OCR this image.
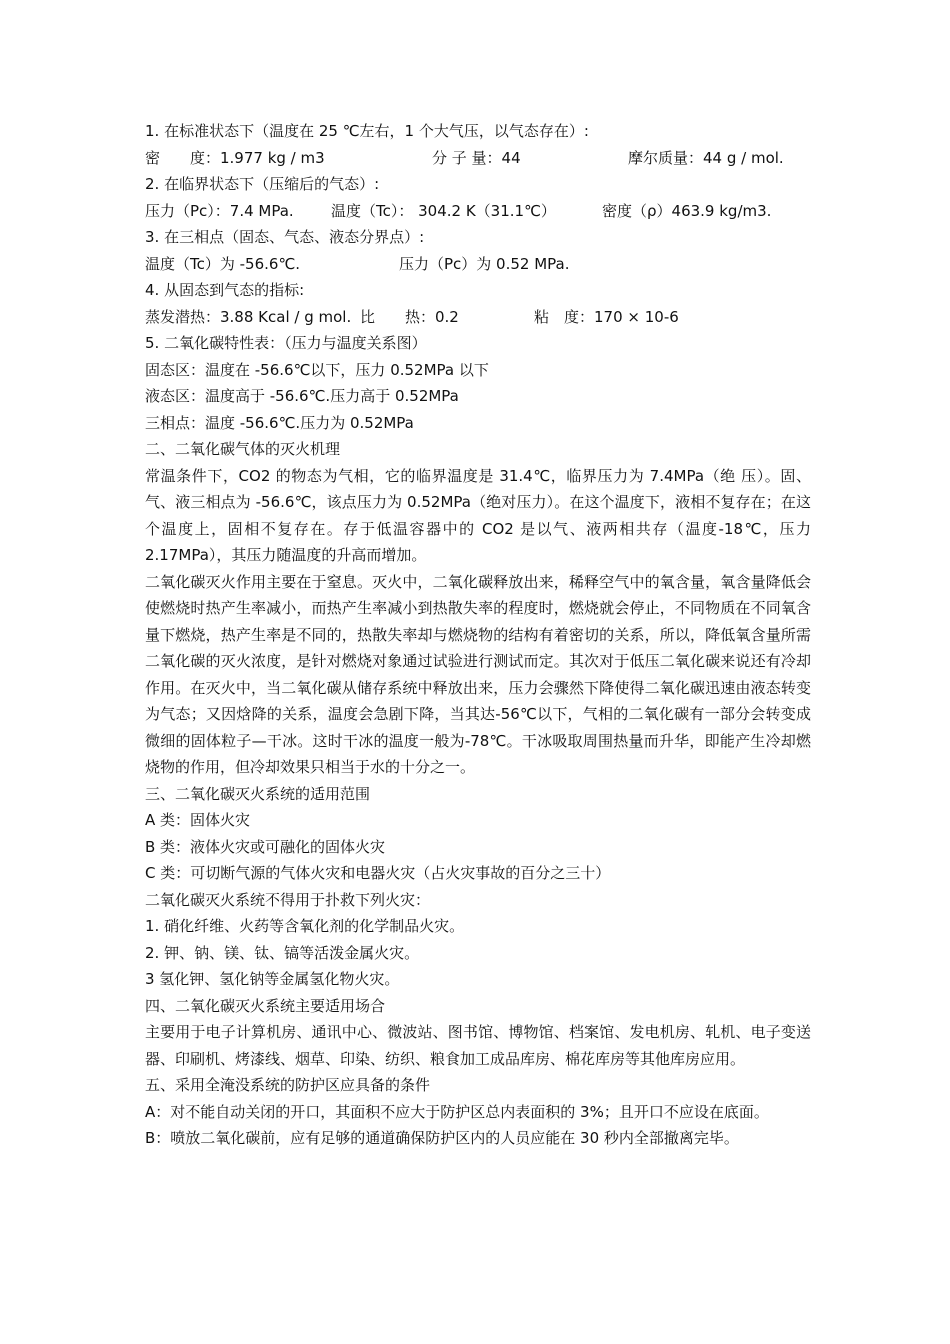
1. 在标准状态下（温度在 25 ℃左右，1 个大气压，以气态存在）:

密　　度：1.977 kg / m3	分 子 量：44	摩尔质量：44 g / mol.

2. 在临界状态下（压缩后的气态）:

压力（Pc）：7.4 MPa.	温度（Tc）： 304.2 K（31.1℃）	密度（ρ）463.9 kg/m3.

3. 在三相点（固态、气态、液态分界点）:

温度（Tc）为 -56.6℃.	压力（Pc）为 0.52 MPa.

4. 从固态到气态的指标:

蒸发潜热：3.88 Kcal / g mol. 比　　热：0.2	粘　度：170 × 10-6

5. 二氧化碳特性表：（压力与温度关系图）

固态区：温度在 -56.6℃以下，压力 0.52MPa 以下

液态区：温度高于 -56.6℃.压力高于 0.52MPa

三相点：温度 -56.6℃.压力为 0.52MPa

二、二氧化碳气体的灭火机理

常温条件下，CO2 的物态为气相，它的临界温度是 31.4℃，临界压力为 7.4MPa（绝 压）。固、气、液三相点为 -56.6℃，该点压力为 0.52MPa（绝对压力）。在这个温度下，液相不复存在；在这个温度上，固相不复存在。存于低温容器中的 CO2 是以气、液两相共存（温度-18℃，压力 2.17MPa），其压力随温度的升高而增加。

二氧化碳灭火作用主要在于窒息。灭火中，二氧化碳释放出来，稀释空气中的氧含量，氧含量降低会使燃烧时热产生率减小，而热产生率减小到热散失率的程度时，燃烧就会停止，不同物质在不同氧含量下燃烧，热产生率是不同的，热散失率却与燃烧物的结构有着密切的关系，所以，降低氧含量所需二氧化碳的灭火浓度，是针对燃烧对象通过试验进行测试而定。其次对于低压二氧化碳来说还有冷却作用。在灭火中，当二氧化碳从储存系统中释放出来，压力会骤然下降使得二氧化碳迅速由液态转变为气态；又因焓降的关系，温度会急剧下降，当其达-56℃以下，气相的二氧化碳有一部分会转变成微细的固体粒子—干冰。这时干冰的温度一般为-78℃。干冰吸取周围热量而升华，即能产生冷却燃烧物的作用，但冷却效果只相当于水的十分之一。

三、二氧化碳灭火系统的适用范围

A 类：固体火灾

B 类：液体火灾或可融化的固体火灾

C 类：可切断气源的气体火灾和电器火灾（占火灾事故的百分之三十）

二氧化碳灭火系统不得用于扑救下列火灾：

1. 硝化纤维、火药等含氧化剂的化学制品火灾。

2. 钾、钠、镁、钛、镐等活泼金属火灾。

3 氢化钾、氢化钠等金属氢化物火灾。

四、二氧化碳灭火系统主要适用场合

主要用于电子计算机房、通讯中心、微波站、图书馆、博物馆、档案馆、发电机房、轧机、电子变送器、印刷机、烤漆线、烟草、印染、纺织、粮食加工成品库房、棉花库房等其他库房应用。

五、采用全淹没系统的防护区应具备的条件

A：对不能自动关闭的开口，其面积不应大于防护区总内表面积的 3%；且开口不应设在底面。

B：喷放二氧化碳前，应有足够的通道确保防护区内的人员应能在 30 秒内全部撤离完毕。
